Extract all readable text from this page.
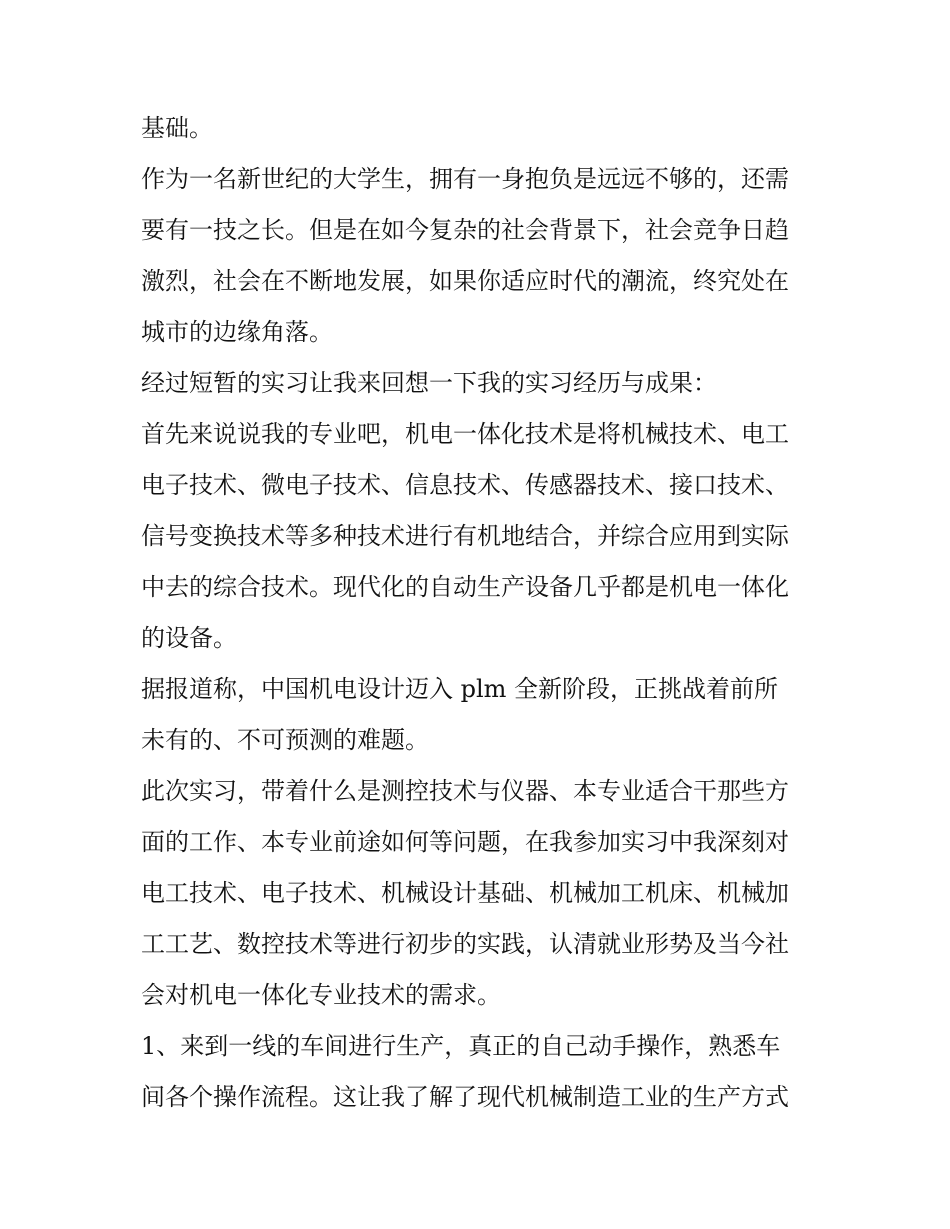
基础。
作为一名新世纪的大学生，拥有一身抱负是远远不够的，还需
要有一技之长。但是在如今复杂的社会背景下，社会竞争日趋
激烈，社会在不断地发展，如果你适应时代的潮流，终究处在
城市的边缘角落。
经过短暂的实习让我来回想一下我的实习经历与成果：
首先来说说我的专业吧，机电一体化技术是将机械技术、电工
电子技术、微电子技术、信息技术、传感器技术、接口技术、
信号变换技术等多种技术进行有机地结合，并综合应用到实际
中去的综合技术。现代化的自动生产设备几乎都是机电一体化
的设备。
据报道称，中国机电设计迈入 plm 全新阶段，正挑战着前所
未有的、不可预测的难题。
此次实习，带着什么是测控技术与仪器、本专业适合干那些方
面的工作、本专业前途如何等问题，在我参加实习中我深刻对
电工技术、电子技术、机械设计基础、机械加工机床、机械加
工工艺、数控技术等进行初步的实践，认清就业形势及当今社
会对机电一体化专业技术的需求。
1、来到一线的车间进行生产，真正的自己动手操作，熟悉车
间各个操作流程。这让我了解了现代机械制造工业的生产方式
